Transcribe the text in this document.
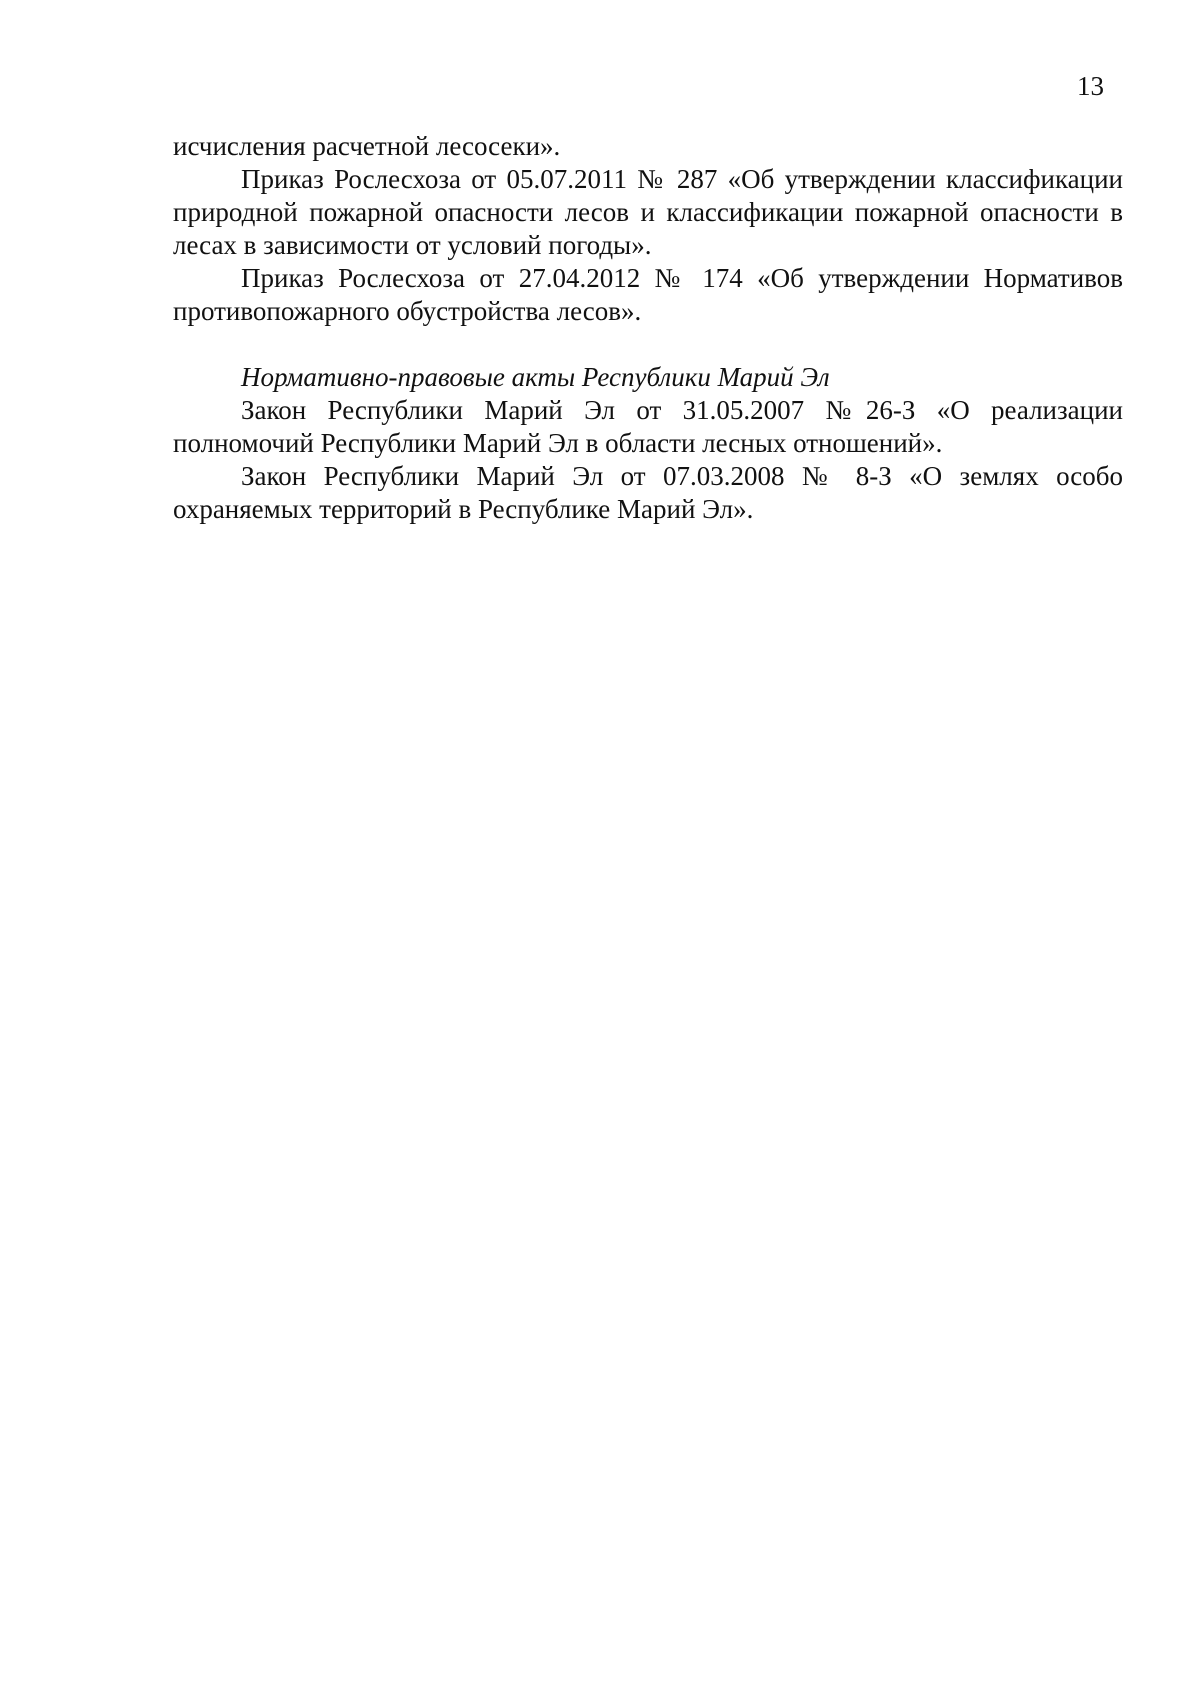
13

исчисления расчетной лесосеки».

Приказ Рослесхоза от 05.07.2011 № 287 «Об утверждении классификации природной пожарной опасности лесов и классификации пожарной опасности в лесах в зависимости от условий погоды».

Приказ Рослесхоза от 27.04.2012 № 174 «Об утверждении Нормативов противопожарного обустройства лесов».

Нормативно-правовые акты Республики Марий Эл

Закон Республики Марий Эл от 31.05.2007 №26-З «О реализации полномочий Республики Марий Эл в области лесных отношений».

Закон Республики Марий Эл от 07.03.2008 № 8-З «О землях особо охраняемых территорий в Республике Марий Эл».
